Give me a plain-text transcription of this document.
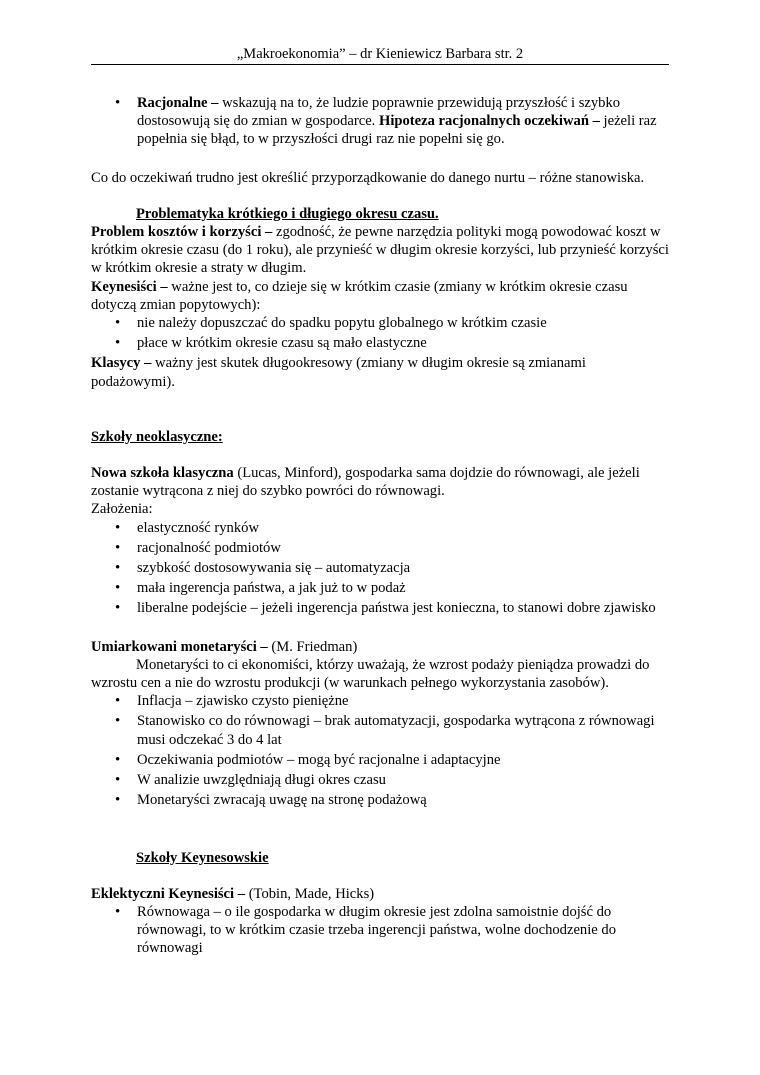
„Makroekonomia” – dr Kieniewicz Barbara str. 2
• Racjonalne – wskazują na to, że ludzie poprawnie przewidują przyszłość i szybko dostosowują się do zmian w gospodarce. Hipoteza racjonalnych oczekiwań – jeżeli raz popełnia się błąd, to w przyszłości drugi raz nie popełni się go.

Co do oczekiwań trudno jest określić przyporządkowanie do danego nurtu – różne stanowiska.

Problematyka krótkiego i długiego okresu czasu.

Problem kosztów i korzyści – zgodność, że pewne narzędzia polityki mogą powodować koszt w krótkim okresie czasu (do 1 roku), ale przynieść w długim okresie korzyści, lub przynieść korzyści w krótkim okresie a straty w długim.

Keynesiści – ważne jest to, co dzieje się w krótkim czasie (zmiany w krótkim okresie czasu dotyczą zmian popytowych):

• nie należy dopuszczać do spadku popytu globalnego w krótkim czasie
• płace w krótkim okresie czasu są mało elastyczne

Klasycy – ważny jest skutek długookresowy (zmiany w długim okresie są zmianami podażowymi).

Szkoły neoklasyczne:

Nowa szkoła klasyczna (Lucas, Minford), gospodarka sama dojdzie do równowagi, ale jeżeli zostanie wytrącona z niej do szybko powróci do równowagi.

Założenia:

• elastyczność rynków
• racjonalność podmiotów
• szybkość dostosowywania się – automatyzacja
• mała ingerencja państwa, a jak już to w podaż
• liberalne podejście – jeżeli ingerencja państwa jest konieczna, to stanowi dobre zjawisko

Umiarkowani monetaryści – (M. Friedman)

Monetaryści to ci ekonomiści, którzy uważają, że wzrost podaży pieniądza prowadzi do wzrostu cen a nie do wzrostu produkcji (w warunkach pełnego wykorzystania zasobów).

• Inflacja – zjawisko czysto pieniężne
• Stanowisko co do równowagi – brak automatyzacji, gospodarka wytrącona z równowagi musi odczekać 3 do 4 lat
• Oczekiwania podmiotów – mogą być racjonalne i adaptacyjne
• W analizie uwzględniają długi okres czasu
• Monetaryści zwracają uwagę na stronę podażową

Szkoły Keynesowskie

Eklektyczni Keynesiści – (Tobin, Made, Hicks)

• Równowaga – o ile gospodarka w długim okresie jest zdolna samoistnie dojść do równowagi, to w krótkim czasie trzeba ingerencji państwa, wolne dochodzenie do równowagi
